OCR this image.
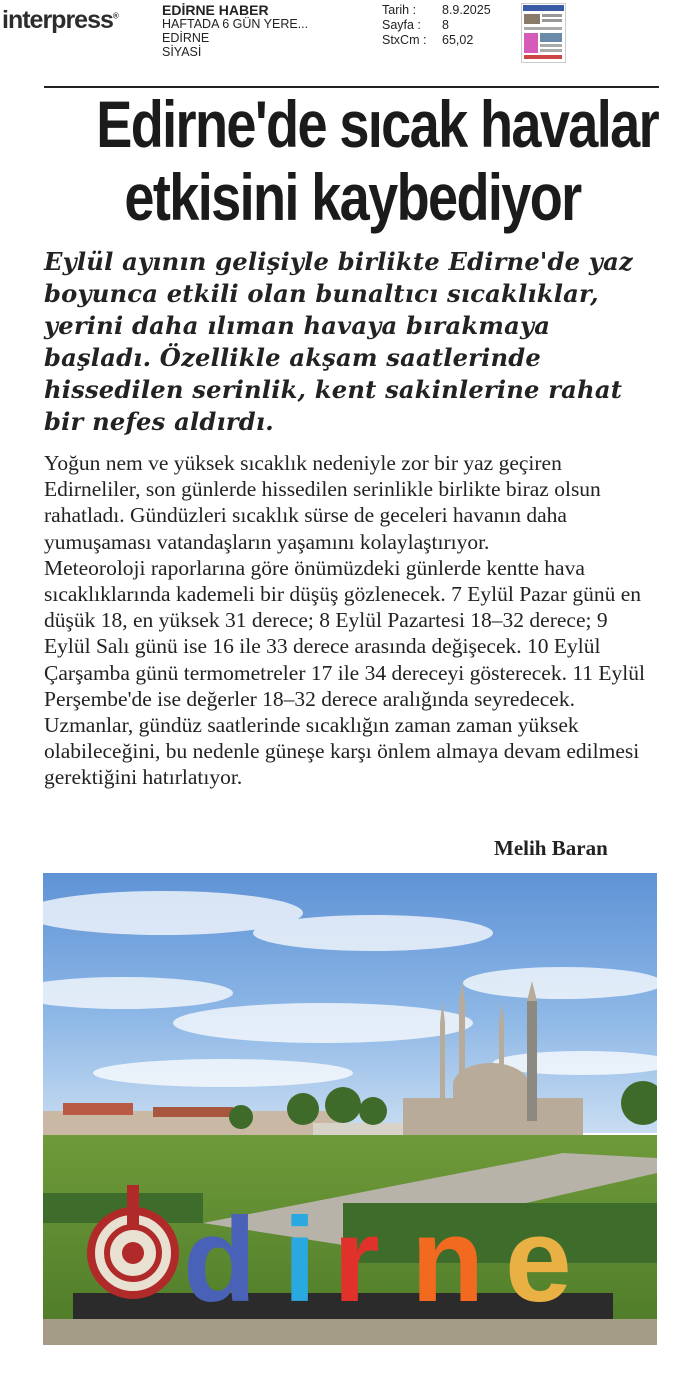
interpress®	EDİRNE HABER
HAFTADA 6 GÜN YERE...
EDİRNE
SİYASİ
Tarih :	8.9.2025
Sayfa :	8
StxCm :	65,02
Edirne'de sıcak havalar
etkisini kaybediyor
Eylül ayının gelişiyle birlikte Edirne'de yaz boyunca etkili olan bunaltıcı sıcaklıklar, yerini daha ılıman havaya bırakmaya başladı. Özellikle akşam saatlerinde hissedilen serinlik, kent sakinlerine rahat bir nefes aldırdı.

Yoğun nem ve yüksek sıcaklık nedeniyle zor bir yaz geçiren Edirneliler, son günlerde hissedilen serinlikle birlikte biraz olsun rahatladı. Gündüzleri sıcaklık sürse de geceleri havanın daha yumuşaması vatandaşların yaşamını kolaylaştırıyor.

Meteoroloji raporlarına göre önümüzdeki günlerde kentte hava sıcaklıklarında kademeli bir düşüş gözlenecek. 7 Eylül Pazar günü en düşük 18, en yüksek 31 derece; 8 Eylül Pazartesi 18–32 derece; 9 Eylül Salı günü ise 16 ile 33 derece arasında değişecek. 10 Eylül Çarşamba günü termometreler 17 ile 34 dereceyi gösterecek. 11 Eylül Perşembe'de ise değerler 18–32 derece aralığında seyredecek.

Uzmanlar, gündüz saatlerinde sıcaklığın zaman zaman yüksek olabileceğini, bu nedenle güneşe karşı önlem almaya devam edilmesi gerektiğini hatırlatıyor.

Melih Baran
d i r n e
